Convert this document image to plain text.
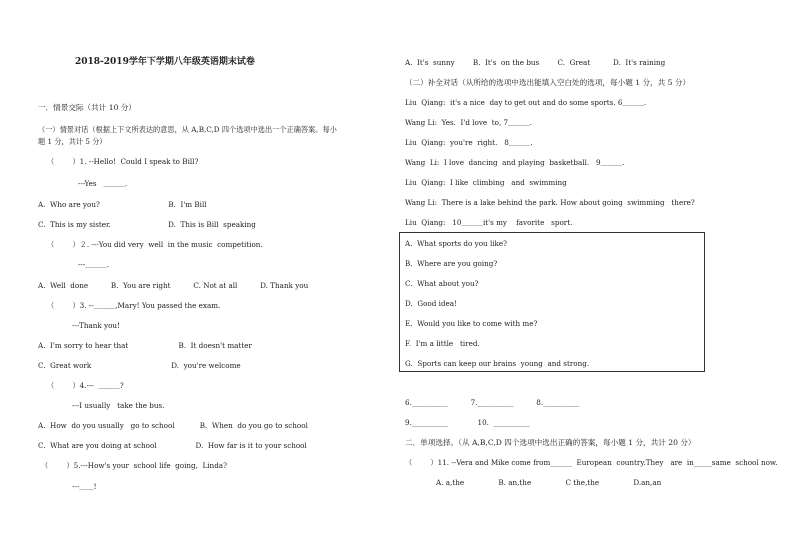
2018-2019学年下学期八年级英语期末试卷
一．情景交际（共计 10 分）
（一）情景对话（根据上下文所表达的意思，从 A,B,C,D 四个选项中选出一个正确答案。每小
题 1 分，共计 5 分）
（        ）1. --Hello!  Could I speak to Bill?
---Yes   ＿＿＿.
A.  Who are you?                              B.  I'm Bill
C.  This is my sister.                         D.  This is Bill  speaking
（        ）２. ---You did very  well  in the music  competition.
---＿＿＿.
A.  Well  done          B.  You are right          C. Not at all          D. Thank you
（        ）3. --＿＿＿,Mary! You passed the exam.
---Thank you!
A.  I'm sorry to hear that                      B.  It doesn't matter
C.  Great work                                   D.  you're welcome
（        ）4.---  ＿＿＿?
---I usually   take the bus.
A.  How  do you usually   go to school           B.  When  do you go to school
C.  What are you doing at school                 D.  How far is it to your school
（        ）5.---How's your  school life  going,  Linda?
---＿＿!
A.  It's  sunny        B.  It's  on the bus        C.  Great          D.  It's raining
（二）补全对话（从所给的选项中选出能填入空白处的选项，每小题 1 分，共 5 分）
Liu  Qiang:  it's a nice  day to get out and do some sports. 6＿＿＿.
Wang Li:  Yes.  I'd love  to, 7＿＿＿.
Liu  Qiang:  you're  right.   8＿＿＿.
Wang  Li:  I love  dancing  and playing  basketball.   9＿＿＿.
Liu  Qiang:  I like  climbing   and  swimming
Wang Li:  There is a lake behind the park. How about going  swimming   there?
Liu  Qiang:   10＿＿＿it's my    favorite   sport.
A.  What sports do you like?
B.  Where are you going?
C.  What about you?
D.  Good idea!
E.  Would you like to come with me?
F.  I'm a little   tired.
G.  Sports can keep our brains  young  and strong.
6.__________          7.__________          8.__________
9.__________             10.  __________
二．单项选择。（从 A,B,C,D 四个选项中选出正确的答案，每小题 1 分，共计 20 分）
（        ）11. --Vera and Mike come from______  European  country.They   are  in_____same  school now.
A. a,the               B. an,the               C the,the               D.an,an
